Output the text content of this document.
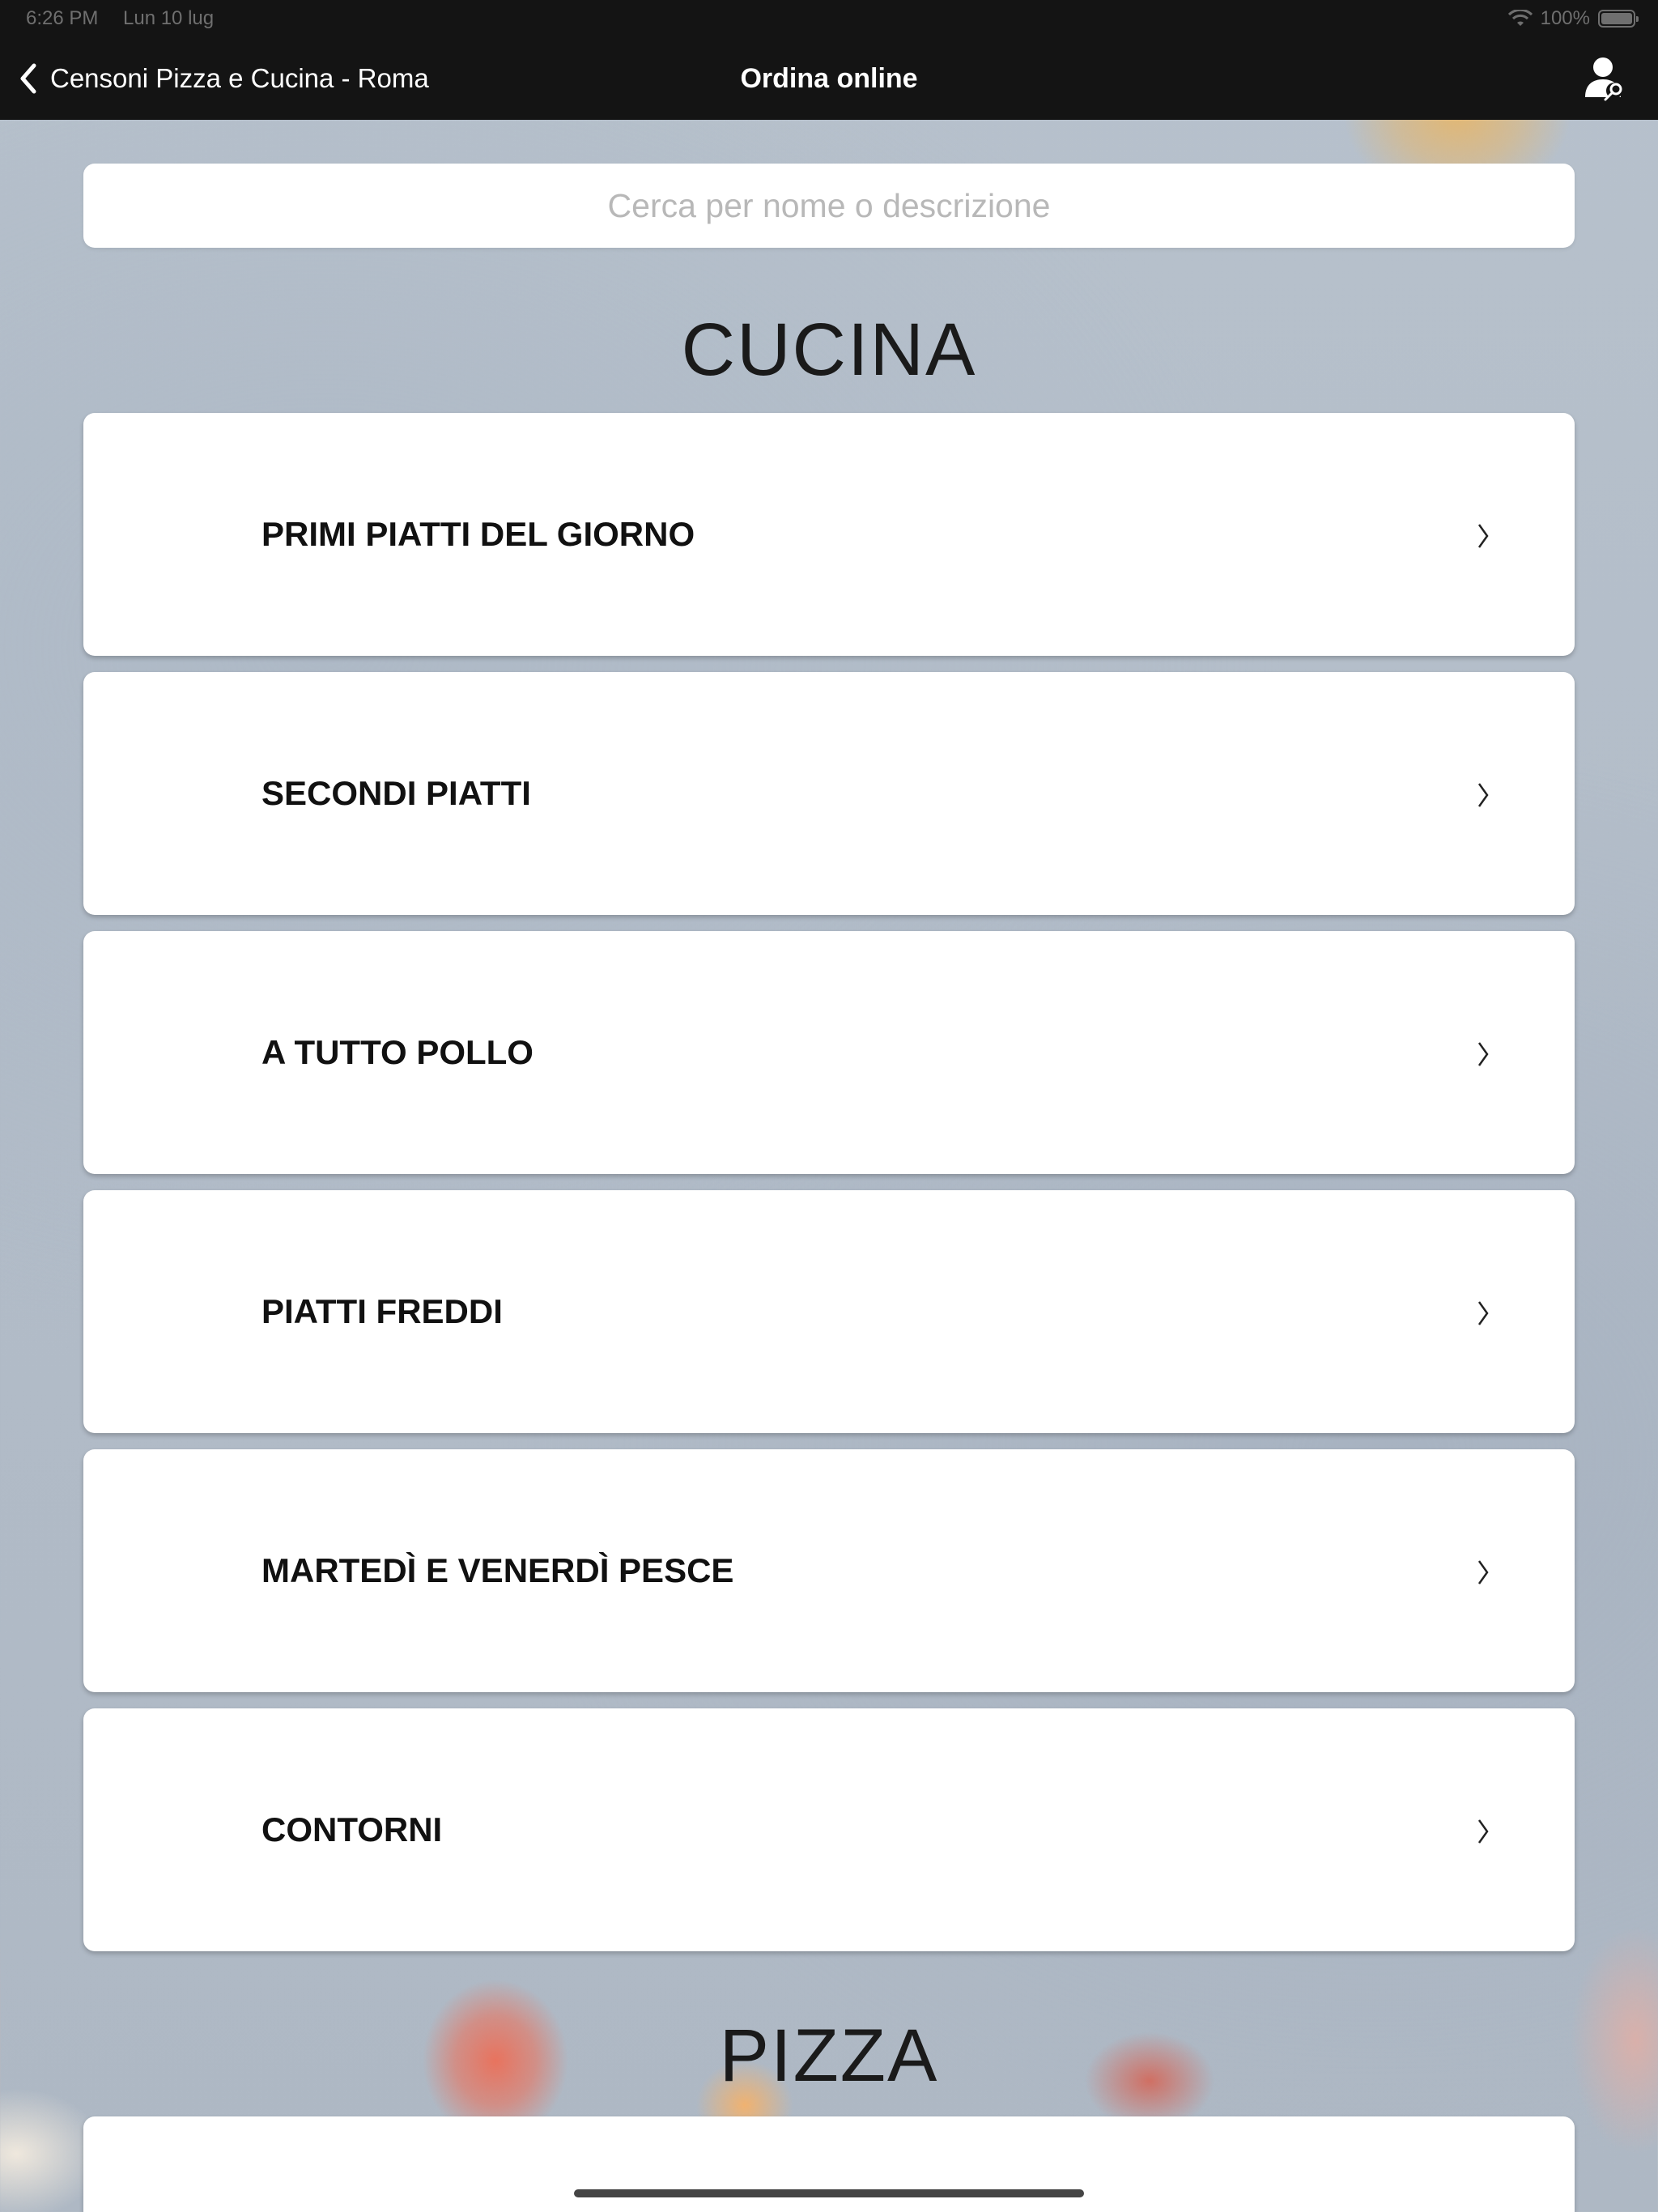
6:26 PM Lun 10 lug	100%
Censoni Pizza e Cucina - Roma	Ordina online
Cerca per nome o descrizione
CUCINA
PRIMI PIATTI DEL GIORNO
SECONDI PIATTI
A TUTTO POLLO
PIATTI FREDDI
MARTEDÌ E VENERDÌ PESCE
CONTORNI
PIZZA
